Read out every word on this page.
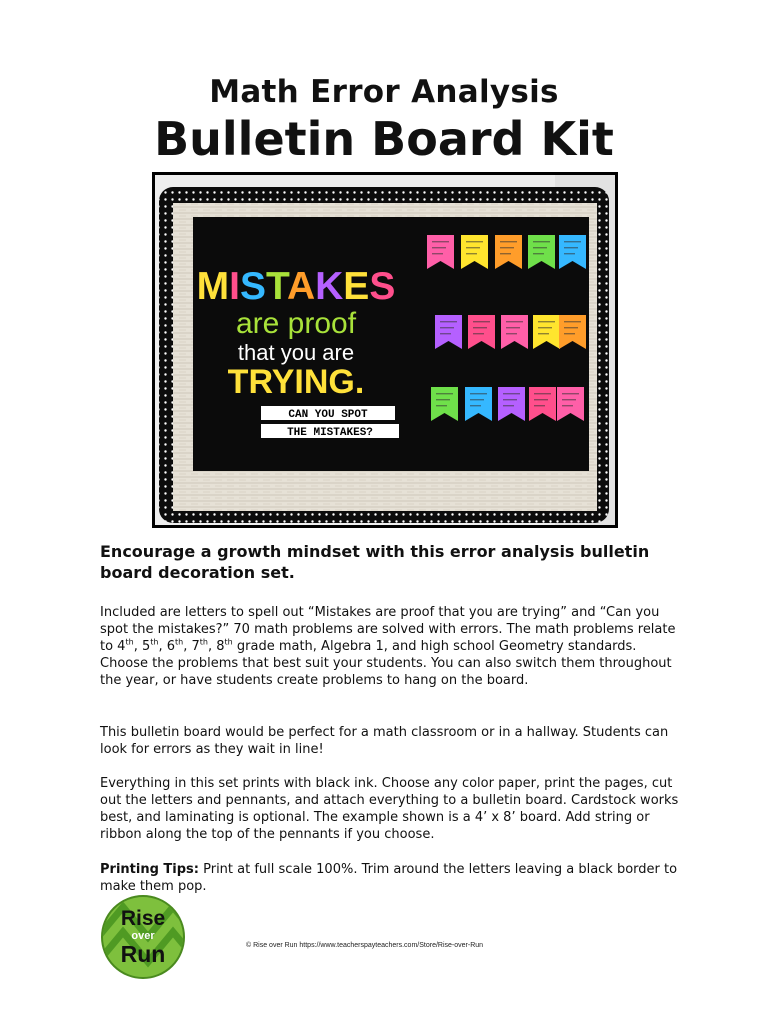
Math Error Analysis
Bulletin Board Kit
MISTAKES
are proof
that you are
TRYING.
CAN YOU SPOT
THE MISTAKES?
Encourage a growth mindset with this error analysis bulletin board decoration set.

Included are letters to spell out “Mistakes are proof that you are trying” and “Can you spot the mistakes?” 70 math problems are solved with errors. The math problems relate to 4th, 5th, 6th, 7th, 8th grade math, Algebra 1, and high school Geometry standards. Choose the problems that best suit your students. You can also switch them throughout the year, or have students create problems to hang on the board.

This bulletin board would be perfect for a math classroom or in a hallway. Students can look for errors as they wait in line!

Everything in this set prints with black ink. Choose any color paper, print the pages, cut out the letters and pennants, and attach everything to a bulletin board. Cardstock works best, and laminating is optional. The example shown is a 4’ x 8’ board. Add string or ribbon along the top of the pennants if you choose.

Printing Tips: Print at full scale 100%. Trim around the letters leaving a black border to make them pop.

Rise
over
Run	© Rise over Run https://www.teacherspayteachers.com/Store/Rise-over-Run
